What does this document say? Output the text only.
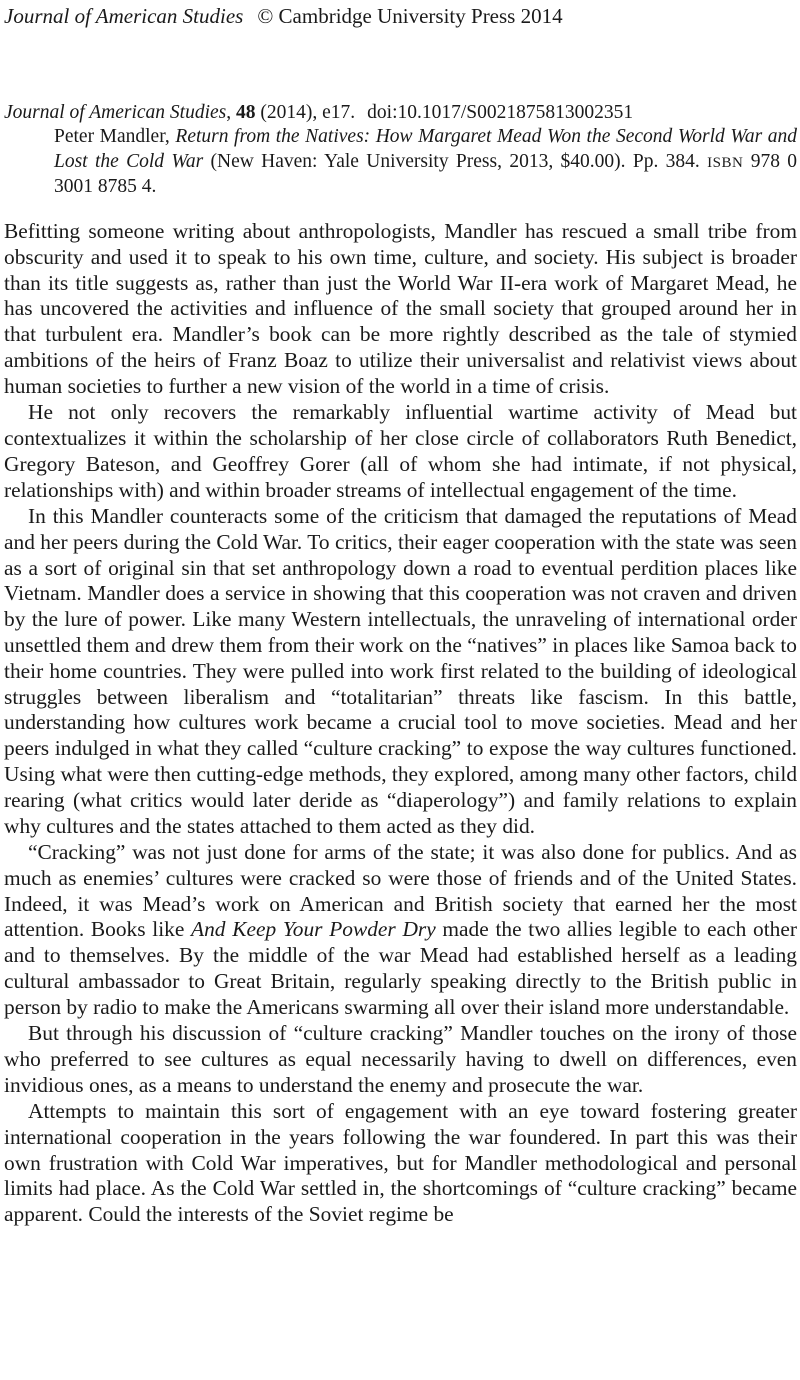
Journal of American Studies © Cambridge University Press 2014
Journal of American Studies, 48 (2014), e17. doi:10.1017/S0021875813002351
Peter Mandler, Return from the Natives: How Margaret Mead Won the Second World War and Lost the Cold War (New Haven: Yale University Press, 2013, $40.00). Pp. 384. ISBN 978 0 3001 8785 4.

Befitting someone writing about anthropologists, Mandler has rescued a small tribe from obscurity and used it to speak to his own time, culture, and society. His subject is broader than its title suggests as, rather than just the World War II-era work of Margaret Mead, he has uncovered the activities and influence of the small society that grouped around her in that turbulent era. Mandler’s book can be more rightly described as the tale of stymied ambitions of the heirs of Franz Boaz to utilize their universalist and relativist views about human societies to further a new vision of the world in a time of crisis.

He not only recovers the remarkably influential wartime activity of Mead but contextualizes it within the scholarship of her close circle of collaborators Ruth Benedict, Gregory Bateson, and Geoffrey Gorer (all of whom she had intimate, if not physical, relationships with) and within broader streams of intellectual engagement of the time.

In this Mandler counteracts some of the criticism that damaged the reputations of Mead and her peers during the Cold War. To critics, their eager cooperation with the state was seen as a sort of original sin that set anthropology down a road to eventual perdition places like Vietnam. Mandler does a service in showing that this cooperation was not craven and driven by the lure of power. Like many Western intellectuals, the unraveling of international order unsettled them and drew them from their work on the “natives” in places like Samoa back to their home countries. They were pulled into work first related to the building of ideological struggles between liberalism and “totalitarian” threats like fascism. In this battle, understanding how cultures work became a crucial tool to move societies. Mead and her peers indulged in what they called “culture cracking” to expose the way cultures functioned. Using what were then cutting-edge methods, they explored, among many other factors, child rearing (what critics would later deride as “diaperology”) and family relations to explain why cultures and the states attached to them acted as they did.

“Cracking” was not just done for arms of the state; it was also done for publics. And as much as enemies’ cultures were cracked so were those of friends and of the United States. Indeed, it was Mead’s work on American and British society that earned her the most attention. Books like And Keep Your Powder Dry made the two allies legible to each other and to themselves. By the middle of the war Mead had established herself as a leading cultural ambassador to Great Britain, regularly speaking directly to the British public in person by radio to make the Americans swarming all over their island more understandable.

But through his discussion of “culture cracking” Mandler touches on the irony of those who preferred to see cultures as equal necessarily having to dwell on differences, even invidious ones, as a means to understand the enemy and prosecute the war.

Attempts to maintain this sort of engagement with an eye toward fostering greater international cooperation in the years following the war foundered. In part this was their own frustration with Cold War imperatives, but for Mandler methodological and personal limits had place. As the Cold War settled in, the shortcomings of “culture cracking” became apparent. Could the interests of the Soviet regime be
